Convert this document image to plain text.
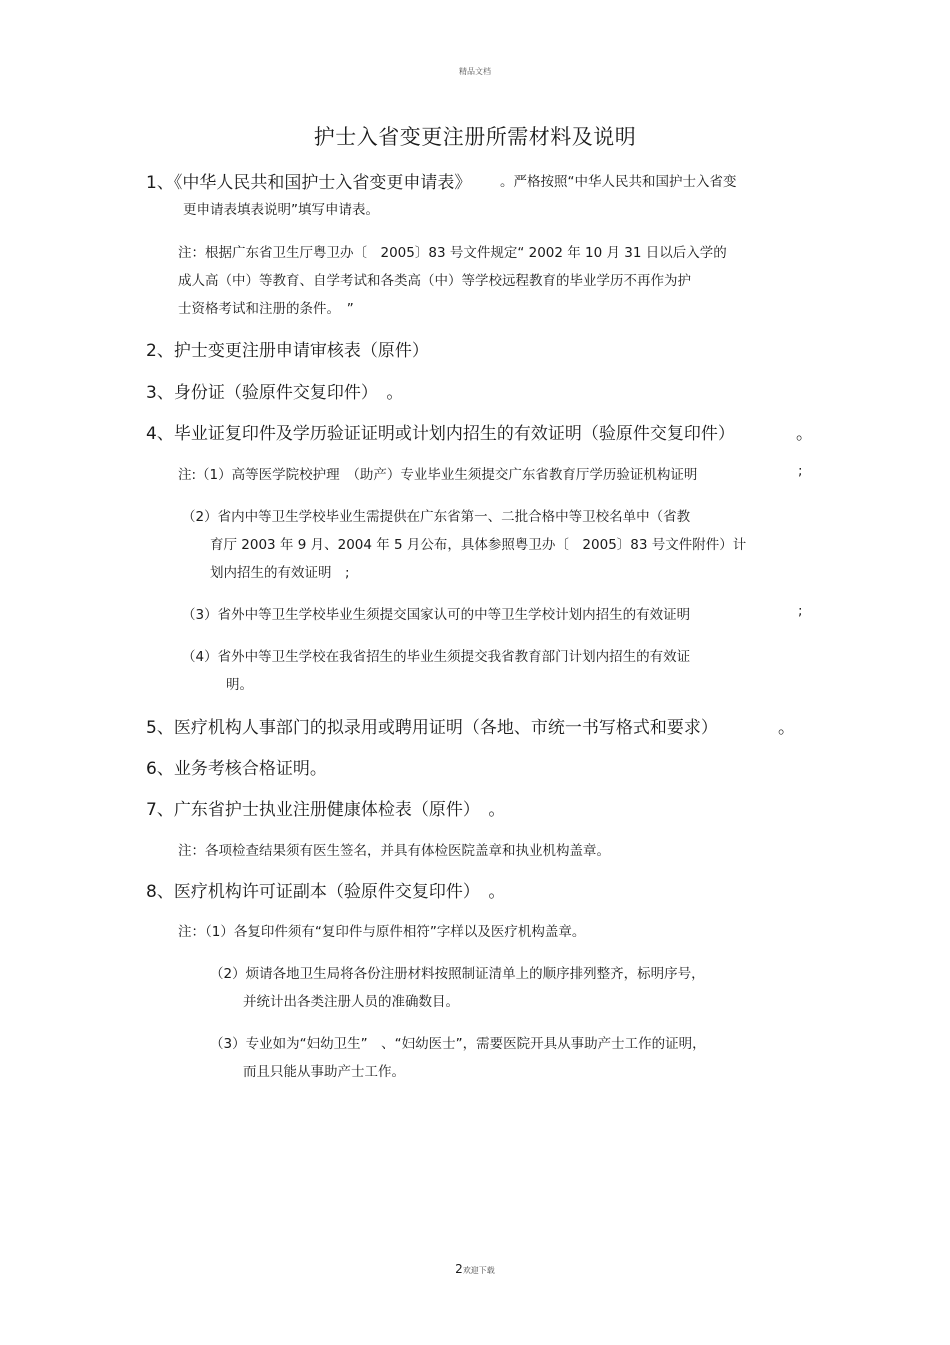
精品文档
护士入省变更注册所需材料及说明
1、《中华人民共和国护士入省变更申请表》 。严格按照“中华人民共和国护士入省变
更申请表填表说明”填写申请表。
注：根据广东省卫生厅粤卫办〔　2005〕83 号文件规定“ 2002 年 10 月 31 日以后入学的
成人高（中）等教育、自学考试和各类高（中）等学校远程教育的毕业学历不再作为护
士资格考试和注册的条件。　”
2、护士变更注册申请审核表（原件）
3、身份证（验原件交复印件）　。
4、毕业证复印件及学历验证证明或计划内招生的有效证明（验原件交复印件）	。
注:（1）高等医学院校护理　（助产）专业毕业生须提交广东省教育厅学历验证机构证明	;
（2）省内中等卫生学校毕业生需提供在广东省第一、二批合格中等卫校名单中（省教
育厅 2003 年 9 月、2004 年 5 月公布，具体参照粤卫办〔　2005〕83 号文件附件）计
划内招生的有效证明　;
（3）省外中等卫生学校毕业生须提交国家认可的中等卫生学校计划内招生的有效证明	;
（4）省外中等卫生学校在我省招生的毕业生须提交我省教育部门计划内招生的有效证
明。
5、医疗机构人事部门的拟录用或聘用证明（各地、市统一书写格式和要求）	。
6、业务考核合格证明。
7、广东省护士执业注册健康体检表（原件）　。
注：各项检查结果须有医生签名，并具有体检医院盖章和执业机构盖章。
8、医疗机构许可证副本（验原件交复印件）　。
注：（1）各复印件须有“复印件与原件相符”字样以及医疗机构盖章。
（2）烦请各地卫生局将各份注册材料按照制证清单上的顺序排列整齐，标明序号，
并统计出各类注册人员的准确数目。
（3）专业如为“妇幼卫生”　、“妇幼医士”，需要医院开具从事助产士工作的证明，
而且只能从事助产士工作。
2欢迎下载
